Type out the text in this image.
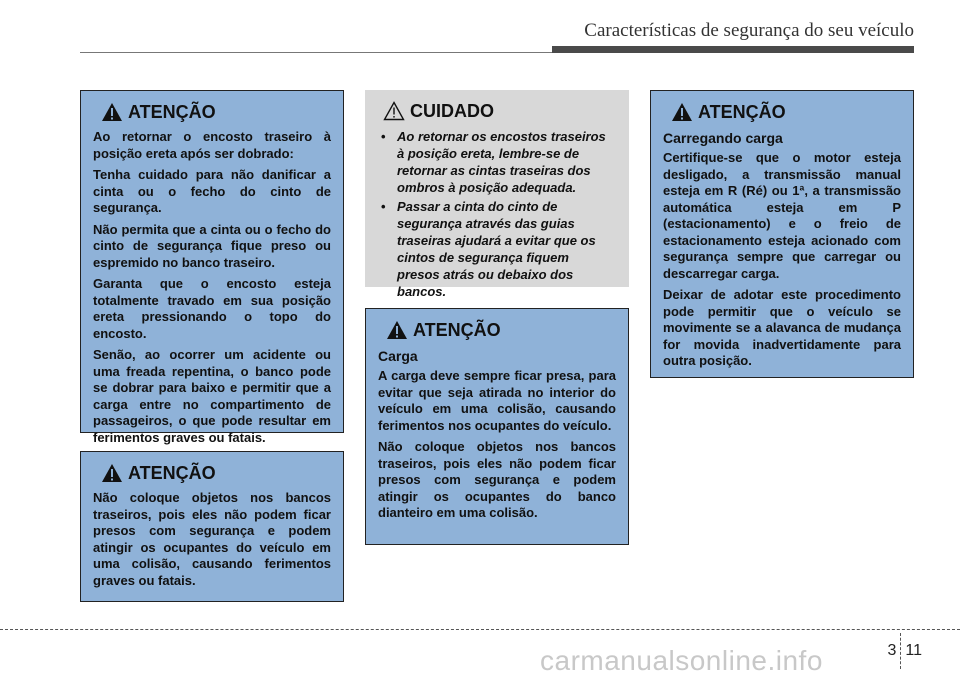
Características de segurança do seu veículo
ATENÇÃO

Ao retornar o encosto traseiro à posição ereta após ser dobrado:

Tenha cuidado para não danificar a cinta ou o fecho do cinto de segurança.

Não permita que a cinta ou o fecho do cinto de segurança fique preso ou espremido no banco traseiro.

Garanta que o encosto esteja totalmente travado em sua posição ereta pressionando o topo do encosto.

Senão, ao ocorrer um acidente ou uma freada repentina, o banco pode se dobrar para baixo e permitir que a carga entre no compartimento de passageiros, o que pode resultar em ferimentos graves ou fatais.

ATENÇÃO

Não coloque objetos nos bancos traseiros, pois eles não podem ficar presos com segurança e podem atingir os ocupantes do veículo em uma colisão, causando ferimentos graves ou fatais.

CUIDADO
• Ao retornar os encostos traseiros à posição ereta, lembre-se de retornar as cintas traseiras dos ombros à posição adequada.
• Passar a cinta do cinto de segurança através das guias traseiras ajudará a evitar que os cintos de segurança fiquem presos atrás ou debaixo dos bancos.
ATENÇÃO
Carga

A carga deve sempre ficar presa, para evitar que seja atirada no interior do veículo em uma colisão, causando ferimentos nos ocupantes do veículo.

Não coloque objetos nos bancos traseiros, pois eles não podem ficar presos com segurança e podem atingir os ocupantes do banco dianteiro em uma colisão.

ATENÇÃO
Carregando carga

Certifique-se que o motor esteja desligado, a transmissão manual esteja em R (Ré) ou 1ª, a transmissão automática esteja em P (estacionamento) e o freio de estacionamento esteja acionado com segurança sempre que carregar ou descarregar carga.

Deixar de adotar este procedimento pode permitir que o veículo se movimente se a alavanca de mudança for movida inadvertidamente para outra posição.

3 11
carmanualsonline.info
